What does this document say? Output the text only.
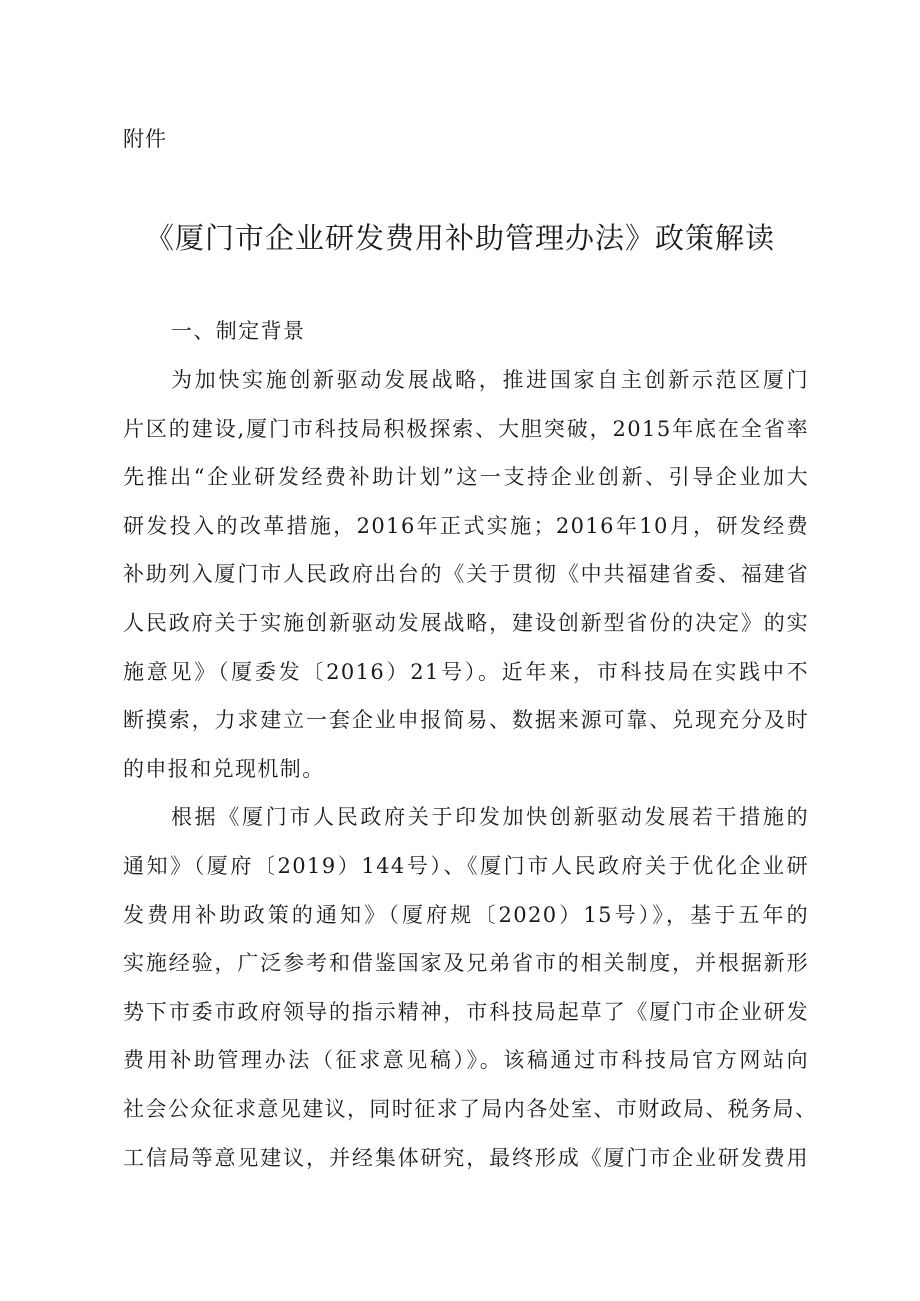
附件
《厦门市企业研发费用补助管理办法》政策解读
一、制定背景
为加快实施创新驱动发展战略，推进国家自主创新示范区厦门
片区的建设,厦门市科技局积极探索、大胆突破，2015年底在全省率
先推出“企业研发经费补助计划”这一支持企业创新、引导企业加大
研发投入的改革措施，2016年正式实施；2016年10月，研发经费
补助列入厦门市人民政府出台的《关于贯彻《中共福建省委、福建省
人民政府关于实施创新驱动发展战略，建设创新型省份的决定》的实
施意见》（厦委发〔2016）21号）。近年来，市科技局在实践中不
断摸索，力求建立一套企业申报简易、数据来源可靠、兑现充分及时
的申报和兑现机制。
根据《厦门市人民政府关于印发加快创新驱动发展若干措施的
通知》（厦府〔2019）144号）、《厦门市人民政府关于优化企业研
发费用补助政策的通知》（厦府规〔2020）15号）》，基于五年的
实施经验，广泛参考和借鉴国家及兄弟省市的相关制度，并根据新形
势下市委市政府领导的指示精神，市科技局起草了《厦门市企业研发
费用补助管理办法（征求意见稿）》。该稿通过市科技局官方网站向
社会公众征求意见建议，同时征求了局内各处室、市财政局、税务局、
工信局等意见建议，并经集体研究，最终形成《厦门市企业研发费用
